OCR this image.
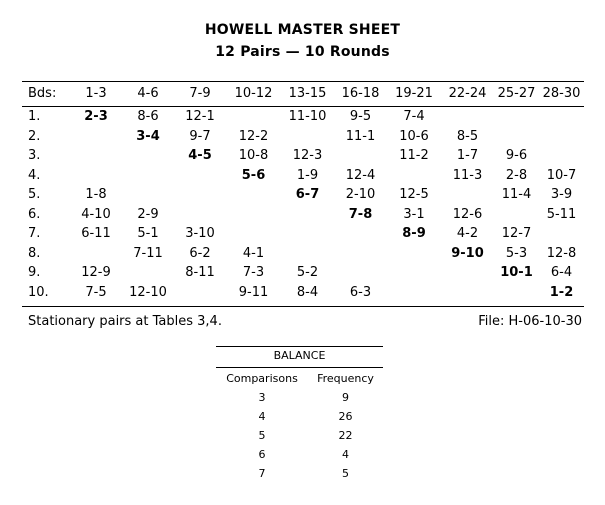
HOWELL MASTER SHEET
12 Pairs — 10 Rounds
Bds:	1-3	4-6	7-9	10-12	13-15	16-18	19-21	22-24	25-27	28-30

1.	2-3	8-6	12-1		11-10	9-5	7-4			
2.		3-4	9-7	12-2		11-1	10-6	8-5		
3.			4-5	10-8	12-3		11-2	1-7	9-6	
4.				5-6	1-9	12-4		11-3	2-8	10-7
5.	1-8				6-7	2-10	12-5		11-4	3-9
6.	4-10	2-9				7-8	3-1	12-6		5-11
7.	6-11	5-1	3-10				8-9	4-2	12-7	
8.		7-11	6-2	4-1				9-10	5-3	12-8
9.	12-9		8-11	7-3	5-2				10-1	6-4
10.	7-5	12-10		9-11	8-4	6-3				1-2
Stationary pairs at Tables 3,4.	File: H-06-10-30
BALANCE
Comparisons	Frequency
3	9
4	26
5	22
6	4
7	5
